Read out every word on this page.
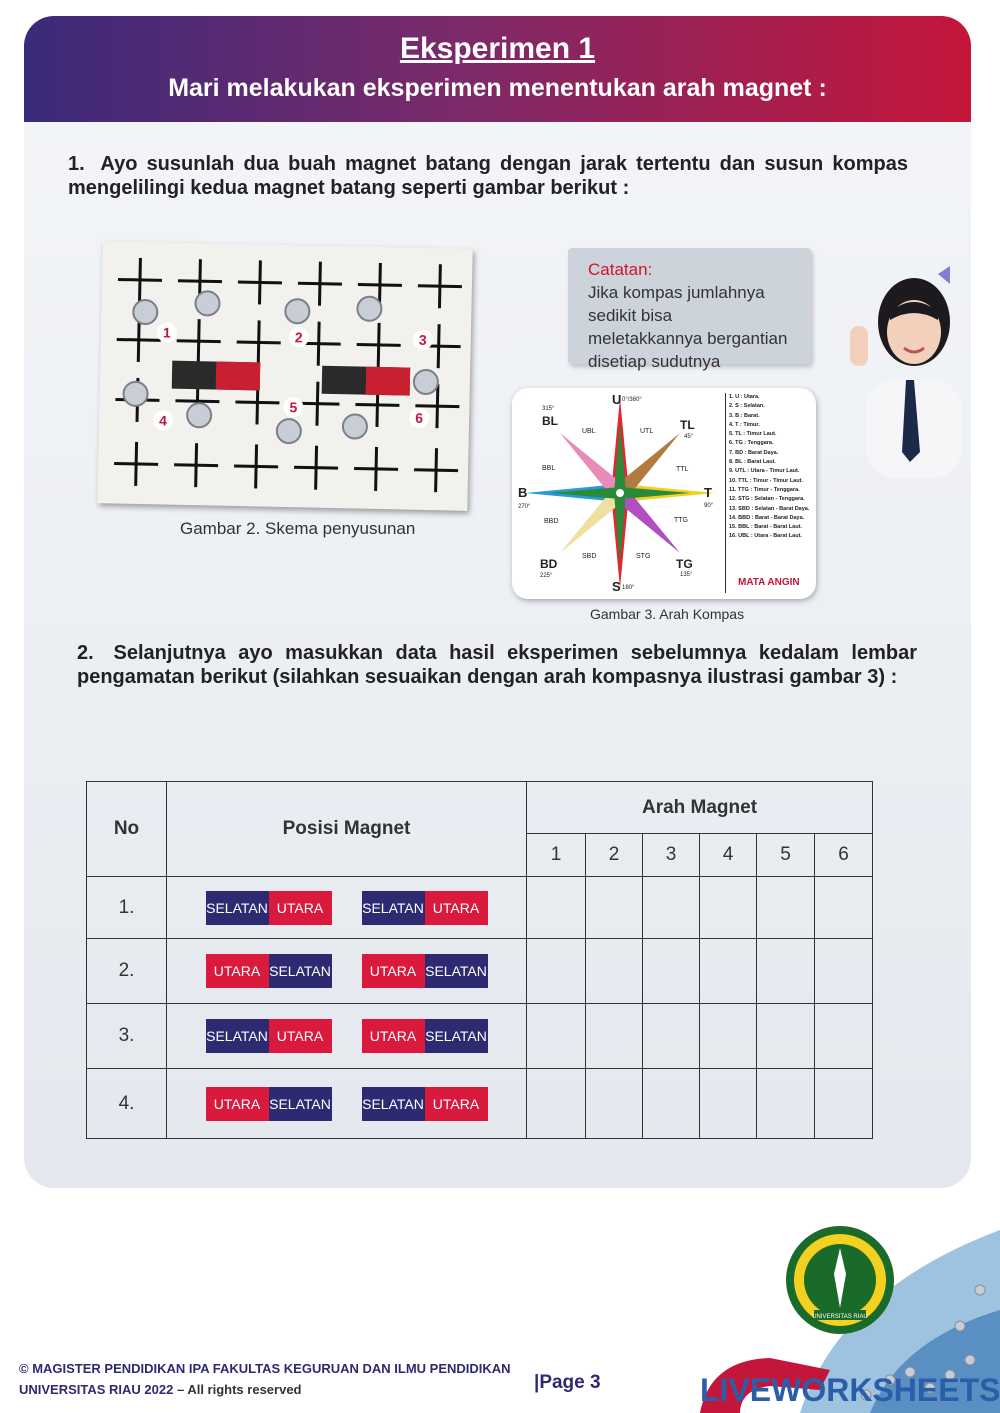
Eksperimen 1
Mari melakukan eksperimen menentukan arah magnet :
1. Ayo susunlah dua buah magnet batang dengan jarak tertentu dan susun kompas mengelilingi kedua magnet batang seperti gambar berikut :
1	2	3
4
5
6
Gambar 2. Skema penyusunan
Catatan:
Jika kompas jumlahnya sedikit bisa meletakkannya bergantian disetiap sudutnya
U 0°/360°
S 180°
B
270°
T
90°
TL
45°
TG
135°
BD
225°
BL
315°
UBL	UTL
TTL
TTG
STG
SBD
BBD
BBL
1. U : Utara.
2. S : Selatan.
3. B : Barat.
4. T : Timur.
5. TL : Timur Laut.
6. TG : Tenggara.
7. BD : Barat Daya.
8. BL : Barat Laut.
9. UTL : Utara - Timur Laut.
10. TTL : Timur - Timur Laut.
11. TTG : Timur - Tenggara.
12. STG : Selatan - Tenggara.
13. SBD : Selatan - Barat Daya.
14. BBD : Barat - Barat Daya.
15. BBL : Barat - Barat Laut.
16. UBL : Utara - Barat Laut.
MATA ANGIN
Gambar 3. Arah Kompas
2. Selanjutnya ayo masukkan data hasil eksperimen sebelumnya kedalam lembar pengamatan berikut (silahkan sesuaikan dengan arah kompasnya ilustrasi gambar 3) :
No	Posisi Magnet	Arah Magnet					
		1	2	3	4	5	6
1.	SELATAN UTARA SELATAN UTARA						

2.	UTARA SELATAN UTARA SELATAN						

3.	SELATAN UTARA UTARA SELATAN						

4.	UTARA SELATAN SELATAN UTARA						

UNIVERSITAS RIAU
© MAGISTER PENDIDIKAN IPA FAKULTAS KEGURUAN DAN ILMU PENDIDIKAN
UNIVERSITAS RIAU 2022 – All rights reserved	|Page 3	LIVEWORKSHEETS
